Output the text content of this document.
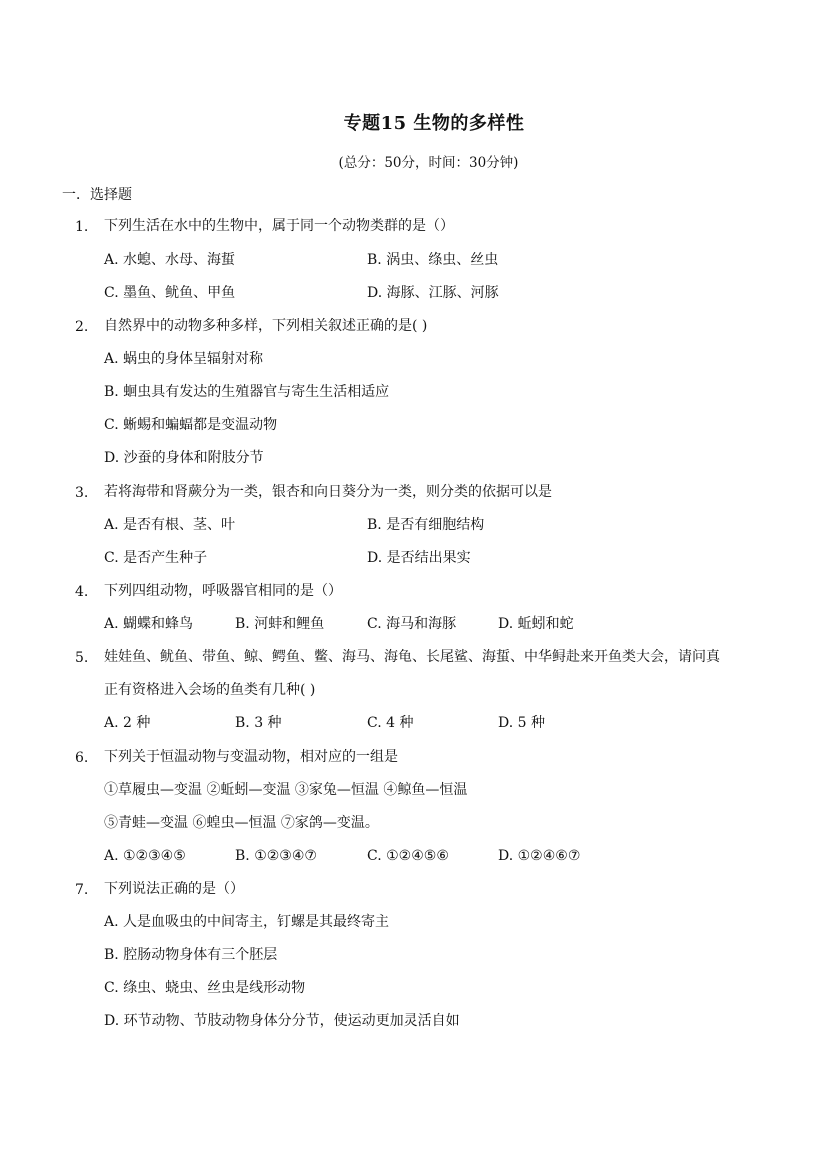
专题15 生物的多样性
(总分：50分，时间：30分钟)
一．选择题
1. 下列生活在水中的生物中，属于同一个动物类群的是（）
A. 水螅、水母、海蜇	B. 涡虫、绦虫、丝虫
C. 墨鱼、鱿鱼、甲鱼	D. 海豚、江豚、河豚
2. 自然界中的动物多种多样，下列相关叙述正确的是( )
A. 蜗虫的身体呈辐射对称
B. 蛔虫具有发达的生殖器官与寄生生活相适应
C. 蜥蜴和蝙蝠都是变温动物
D. 沙蚕的身体和附肢分节
3. 若将海带和肾蕨分为一类，银杏和向日葵分为一类，则分类的依据可以是
A. 是否有根、茎、叶	B. 是否有细胞结构
C. 是否产生种子	D. 是否结出果实
4. 下列四组动物，呼吸器官相同的是（）
A. 蝴蝶和蜂鸟	B. 河蚌和鲤鱼	C. 海马和海豚	D. 蚯蚓和蛇
5. 娃娃鱼、鱿鱼、带鱼、鲸、鳄鱼、鳖、海马、海龟、长尾鲨、海蜇、中华鲟赴来开鱼类大会，请问真
正有资格进入会场的鱼类有几种( )
A. 2 种	B. 3 种	C. 4 种	D. 5 种
6. 下列关于恒温动物与变温动物，相对应的一组是
①草履虫—变温 ②蚯蚓—变温 ③家兔—恒温 ④鲸鱼—恒温
⑤青蛙—变温 ⑥蝗虫—恒温 ⑦家鸽—变温。
A. ①②③④⑤	B. ①②③④⑦	C. ①②④⑤⑥	D. ①②④⑥⑦
7. 下列说法正确的是（）
A. 人是血吸虫的中间寄主，钉螺是其最终寄主
B. 腔肠动物身体有三个胚层
C. 绦虫、蛲虫、丝虫是线形动物
D. 环节动物、节肢动物身体分分节，使运动更加灵活自如
